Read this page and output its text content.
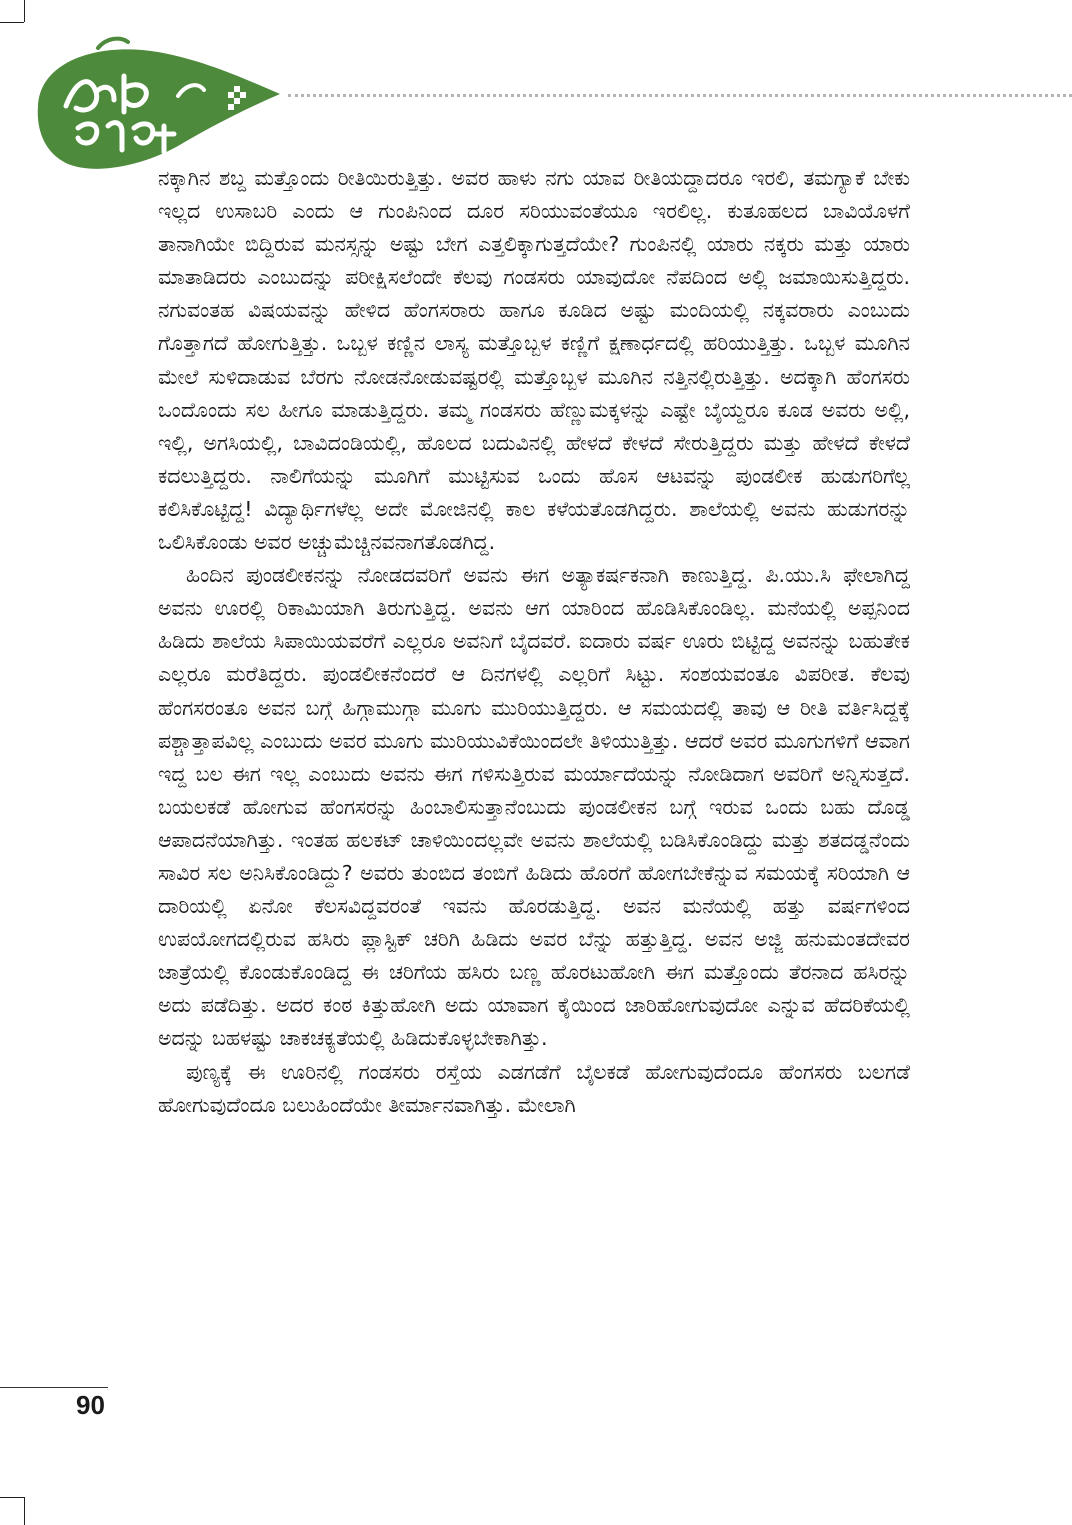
ನಕ್ಕಾಗಿನ ಶಬ್ದ ಮತ್ತೊಂದು ರೀತಿಯಿರುತ್ತಿತ್ತು. ಅವರ ಹಾಳು ನಗು ಯಾವ ರೀತಿಯದ್ದಾದರೂ ಇರಲಿ, ತಮಗ್ಯಾಕೆ ಬೇಕು ಇಲ್ಲದ ಉಸಾಬರಿ ಎಂದು ಆ ಗುಂಪಿನಿಂದ ದೂರ ಸರಿಯುವಂತೆಯೂ ಇರಲಿಲ್ಲ. ಕುತೂಹಲದ ಬಾವಿಯೊಳಗೆ ತಾನಾಗಿಯೇ ಬಿದ್ದಿರುವ ಮನಸ್ಸನ್ನು ಅಷ್ಟು ಬೇಗ ಎತ್ತಲಿಕ್ಕಾಗುತ್ತದೆಯೇ? ಗುಂಪಿನಲ್ಲಿ ಯಾರು ನಕ್ಕರು ಮತ್ತು ಯಾರು ಮಾತಾಡಿದರು ಎಂಬುದನ್ನು ಪರೀಕ್ಷಿಸಲೆಂದೇ ಕೆಲವು ಗಂಡಸರು ಯಾವುದೋ ನೆಪದಿಂದ ಅಲ್ಲಿ ಜಮಾಯಿಸುತ್ತಿದ್ದರು. ನಗುವಂತಹ ವಿಷಯವನ್ನು ಹೇಳಿದ ಹೆಂಗಸರಾರು ಹಾಗೂ ಕೂಡಿದ ಅಷ್ಟು ಮಂದಿಯಲ್ಲಿ ನಕ್ಕವರಾರು ಎಂಬುದು ಗೊತ್ತಾಗದೆ ಹೋಗುತ್ತಿತ್ತು. ಒಬ್ಬಳ ಕಣ್ಣಿನ ಲಾಸ್ಯ ಮತ್ತೊಬ್ಬಳ ಕಣ್ಣಿಗೆ ಕ್ಷಣಾರ್ಧದಲ್ಲಿ ಹರಿಯುತ್ತಿತ್ತು. ಒಬ್ಬಳ ಮೂಗಿನ ಮೇಲೆ ಸುಳಿದಾಡುವ ಬೆರಗು ನೋಡನೋಡುವಷ್ಟರಲ್ಲಿ ಮತ್ತೊಬ್ಬಳ ಮೂಗಿನ ನತ್ತಿನಲ್ಲಿರುತ್ತಿತ್ತು. ಅದಕ್ಕಾಗಿ ಹೆಂಗಸರು ಒಂದೊಂದು ಸಲ ಹೀಗೂ ಮಾಡುತ್ತಿದ್ದರು. ತಮ್ಮ ಗಂಡಸರು ಹೆಣ್ಣುಮಕ್ಕಳನ್ನು ಎಷ್ಟೇ ಬೈಯ್ದರೂ ಕೂಡ ಅವರು ಅಲ್ಲಿ, ಇಲ್ಲಿ, ಅಗಸಿಯಲ್ಲಿ, ಬಾವಿದಂಡಿಯಲ್ಲಿ, ಹೊಲದ ಬದುವಿನಲ್ಲಿ ಹೇಳದೆ ಕೇಳದೆ ಸೇರುತ್ತಿದ್ದರು ಮತ್ತು ಹೇಳದೆ ಕೇಳದೆ ಕದಲುತ್ತಿದ್ದರು. ನಾಲಿಗೆಯನ್ನು ಮೂಗಿಗೆ ಮುಟ್ಟಿಸುವ ಒಂದು ಹೊಸ ಆಟವನ್ನು ಪುಂಡಲೀಕ ಹುಡುಗರಿಗೆಲ್ಲ ಕಲಿಸಿಕೊಟ್ಟಿದ್ದ! ವಿದ್ಯಾರ್ಥಿಗಳೆಲ್ಲ ಅದೇ ಮೋಜಿನಲ್ಲಿ ಕಾಲ ಕಳೆಯತೊಡಗಿದ್ದರು. ಶಾಲೆಯಲ್ಲಿ ಅವನು ಹುಡುಗರನ್ನು ಒಲಿಸಿಕೊಂಡು ಅವರ ಅಚ್ಚುಮೆಚ್ಚಿನವನಾಗತೊಡಗಿದ್ದ.

ಹಿಂದಿನ ಪುಂಡಲೀಕನನ್ನು ನೋಡದವರಿಗೆ ಅವನು ಈಗ ಅತ್ಯಾಕರ್ಷಕನಾಗಿ ಕಾಣುತ್ತಿದ್ದ. ಪಿ.ಯು.ಸಿ ಫೇಲಾಗಿದ್ದ ಅವನು ಊರಲ್ಲಿ ರಿಕಾಮಿಯಾಗಿ ತಿರುಗುತ್ತಿದ್ದ. ಅವನು ಆಗ ಯಾರಿಂದ ಹೊಡಿಸಿಕೊಂಡಿಲ್ಲ. ಮನೆಯಲ್ಲಿ ಅಪ್ಪನಿಂದ ಹಿಡಿದು ಶಾಲೆಯ ಸಿಪಾಯಿಯವರೆಗೆ ಎಲ್ಲರೂ ಅವನಿಗೆ ಬೈದವರೆ. ಐದಾರು ವರ್ಷ ಊರು ಬಿಟ್ಟಿದ್ದ ಅವನನ್ನು ಬಹುತೇಕ ಎಲ್ಲರೂ ಮರೆತಿದ್ದರು. ಪುಂಡಲೀಕನೆಂದರೆ ಆ ದಿನಗಳಲ್ಲಿ ಎಲ್ಲರಿಗೆ ಸಿಟ್ಟು. ಸಂಶಯವಂತೂ ವಿಪರೀತ. ಕೆಲವು ಹೆಂಗಸರಂತೂ ಅವನ ಬಗ್ಗೆ ಹಿಗ್ಗಾಮುಗ್ಗಾ ಮೂಗು ಮುರಿಯುತ್ತಿದ್ದರು. ಆ ಸಮಯದಲ್ಲಿ ತಾವು ಆ ರೀತಿ ವರ್ತಿಸಿದ್ದಕ್ಕೆ ಪಶ್ಚಾತ್ತಾಪವಿಲ್ಲ ಎಂಬುದು ಅವರ ಮೂಗು ಮುರಿಯುವಿಕೆಯಿಂದಲೇ ತಿಳಿಯುತ್ತಿತ್ತು. ಆದರೆ ಅವರ ಮೂಗುಗಳಿಗೆ ಆವಾಗ ಇದ್ದ ಬಲ ಈಗ ಇಲ್ಲ ಎಂಬುದು ಅವನು ಈಗ ಗಳಿಸುತ್ತಿರುವ ಮರ್ಯಾದೆಯನ್ನು ನೋಡಿದಾಗ ಅವರಿಗೆ ಅನ್ನಿಸುತ್ತದೆ. ಬಯಲಕಡೆ ಹೋಗುವ ಹೆಂಗಸರನ್ನು ಹಿಂಬಾಲಿಸುತ್ತಾನೆಂಬುದು ಪುಂಡಲೀಕನ ಬಗ್ಗೆ ಇರುವ ಒಂದು ಬಹು ದೊಡ್ಡ ಆಪಾದನೆಯಾಗಿತ್ತು. ಇಂತಹ ಹಲಕಟ್ ಚಾಳಿಯಿಂದಲ್ಲವೇ ಅವನು ಶಾಲೆಯಲ್ಲಿ ಬಡಿಸಿಕೊಂಡಿದ್ದು ಮತ್ತು ಶತದಡ್ಡನೆಂದು ಸಾವಿರ ಸಲ ಅನಿಸಿಕೊಂಡಿದ್ದು? ಅವರು ತುಂಬಿದ ತಂಬಿಗೆ ಹಿಡಿದು ಹೊರಗೆ ಹೋಗಬೇಕೆನ್ನುವ ಸಮಯಕ್ಕೆ ಸರಿಯಾಗಿ ಆ ದಾರಿಯಲ್ಲಿ ಏನೋ ಕೆಲಸವಿದ್ದವರಂತೆ ಇವನು ಹೊರಡುತ್ತಿದ್ದ. ಅವನ ಮನೆಯಲ್ಲಿ ಹತ್ತು ವರ್ಷಗಳಿಂದ ಉಪಯೋಗದಲ್ಲಿರುವ ಹಸಿರು ಪ್ಲಾಸ್ಟಿಕ್ ಚರಿಗಿ ಹಿಡಿದು ಅವರ ಬೆನ್ನು ಹತ್ತುತ್ತಿದ್ದ. ಅವನ ಅಜ್ಜಿ ಹನುಮಂತದೇವರ ಜಾತ್ರೆಯಲ್ಲಿ ಕೊಂಡುಕೊಂಡಿದ್ದ ಈ ಚರಿಗೆಯ ಹಸಿರು ಬಣ್ಣ ಹೊರಟುಹೋಗಿ ಈಗ ಮತ್ತೊಂದು ತೆರನಾದ ಹಸಿರನ್ನು ಅದು ಪಡೆದಿತ್ತು. ಅದರ ಕಂಠ ಕಿತ್ತುಹೋಗಿ ಅದು ಯಾವಾಗ ಕೈಯಿಂದ ಜಾರಿಹೋಗುವುದೋ ಎನ್ನುವ ಹೆದರಿಕೆಯಲ್ಲಿ ಅದನ್ನು ಬಹಳಷ್ಟು ಚಾಕಚಕ್ಯತೆಯಲ್ಲಿ ಹಿಡಿದುಕೊಳ್ಳಬೇಕಾಗಿತ್ತು.

ಪುಣ್ಯಕ್ಕೆ ಈ ಊರಿನಲ್ಲಿ ಗಂಡಸರು ರಸ್ತೆಯ ಎಡಗಡೆಗೆ ಬೈಲಕಡೆ ಹೋಗುವುದೆಂದೂ ಹೆಂಗಸರು ಬಲಗಡೆ ಹೋಗುವುದೆಂದೂ ಬಲುಹಿಂದೆಯೇ ತೀರ್ಮಾನವಾಗಿತ್ತು. ಮೇಲಾಗಿ

90
